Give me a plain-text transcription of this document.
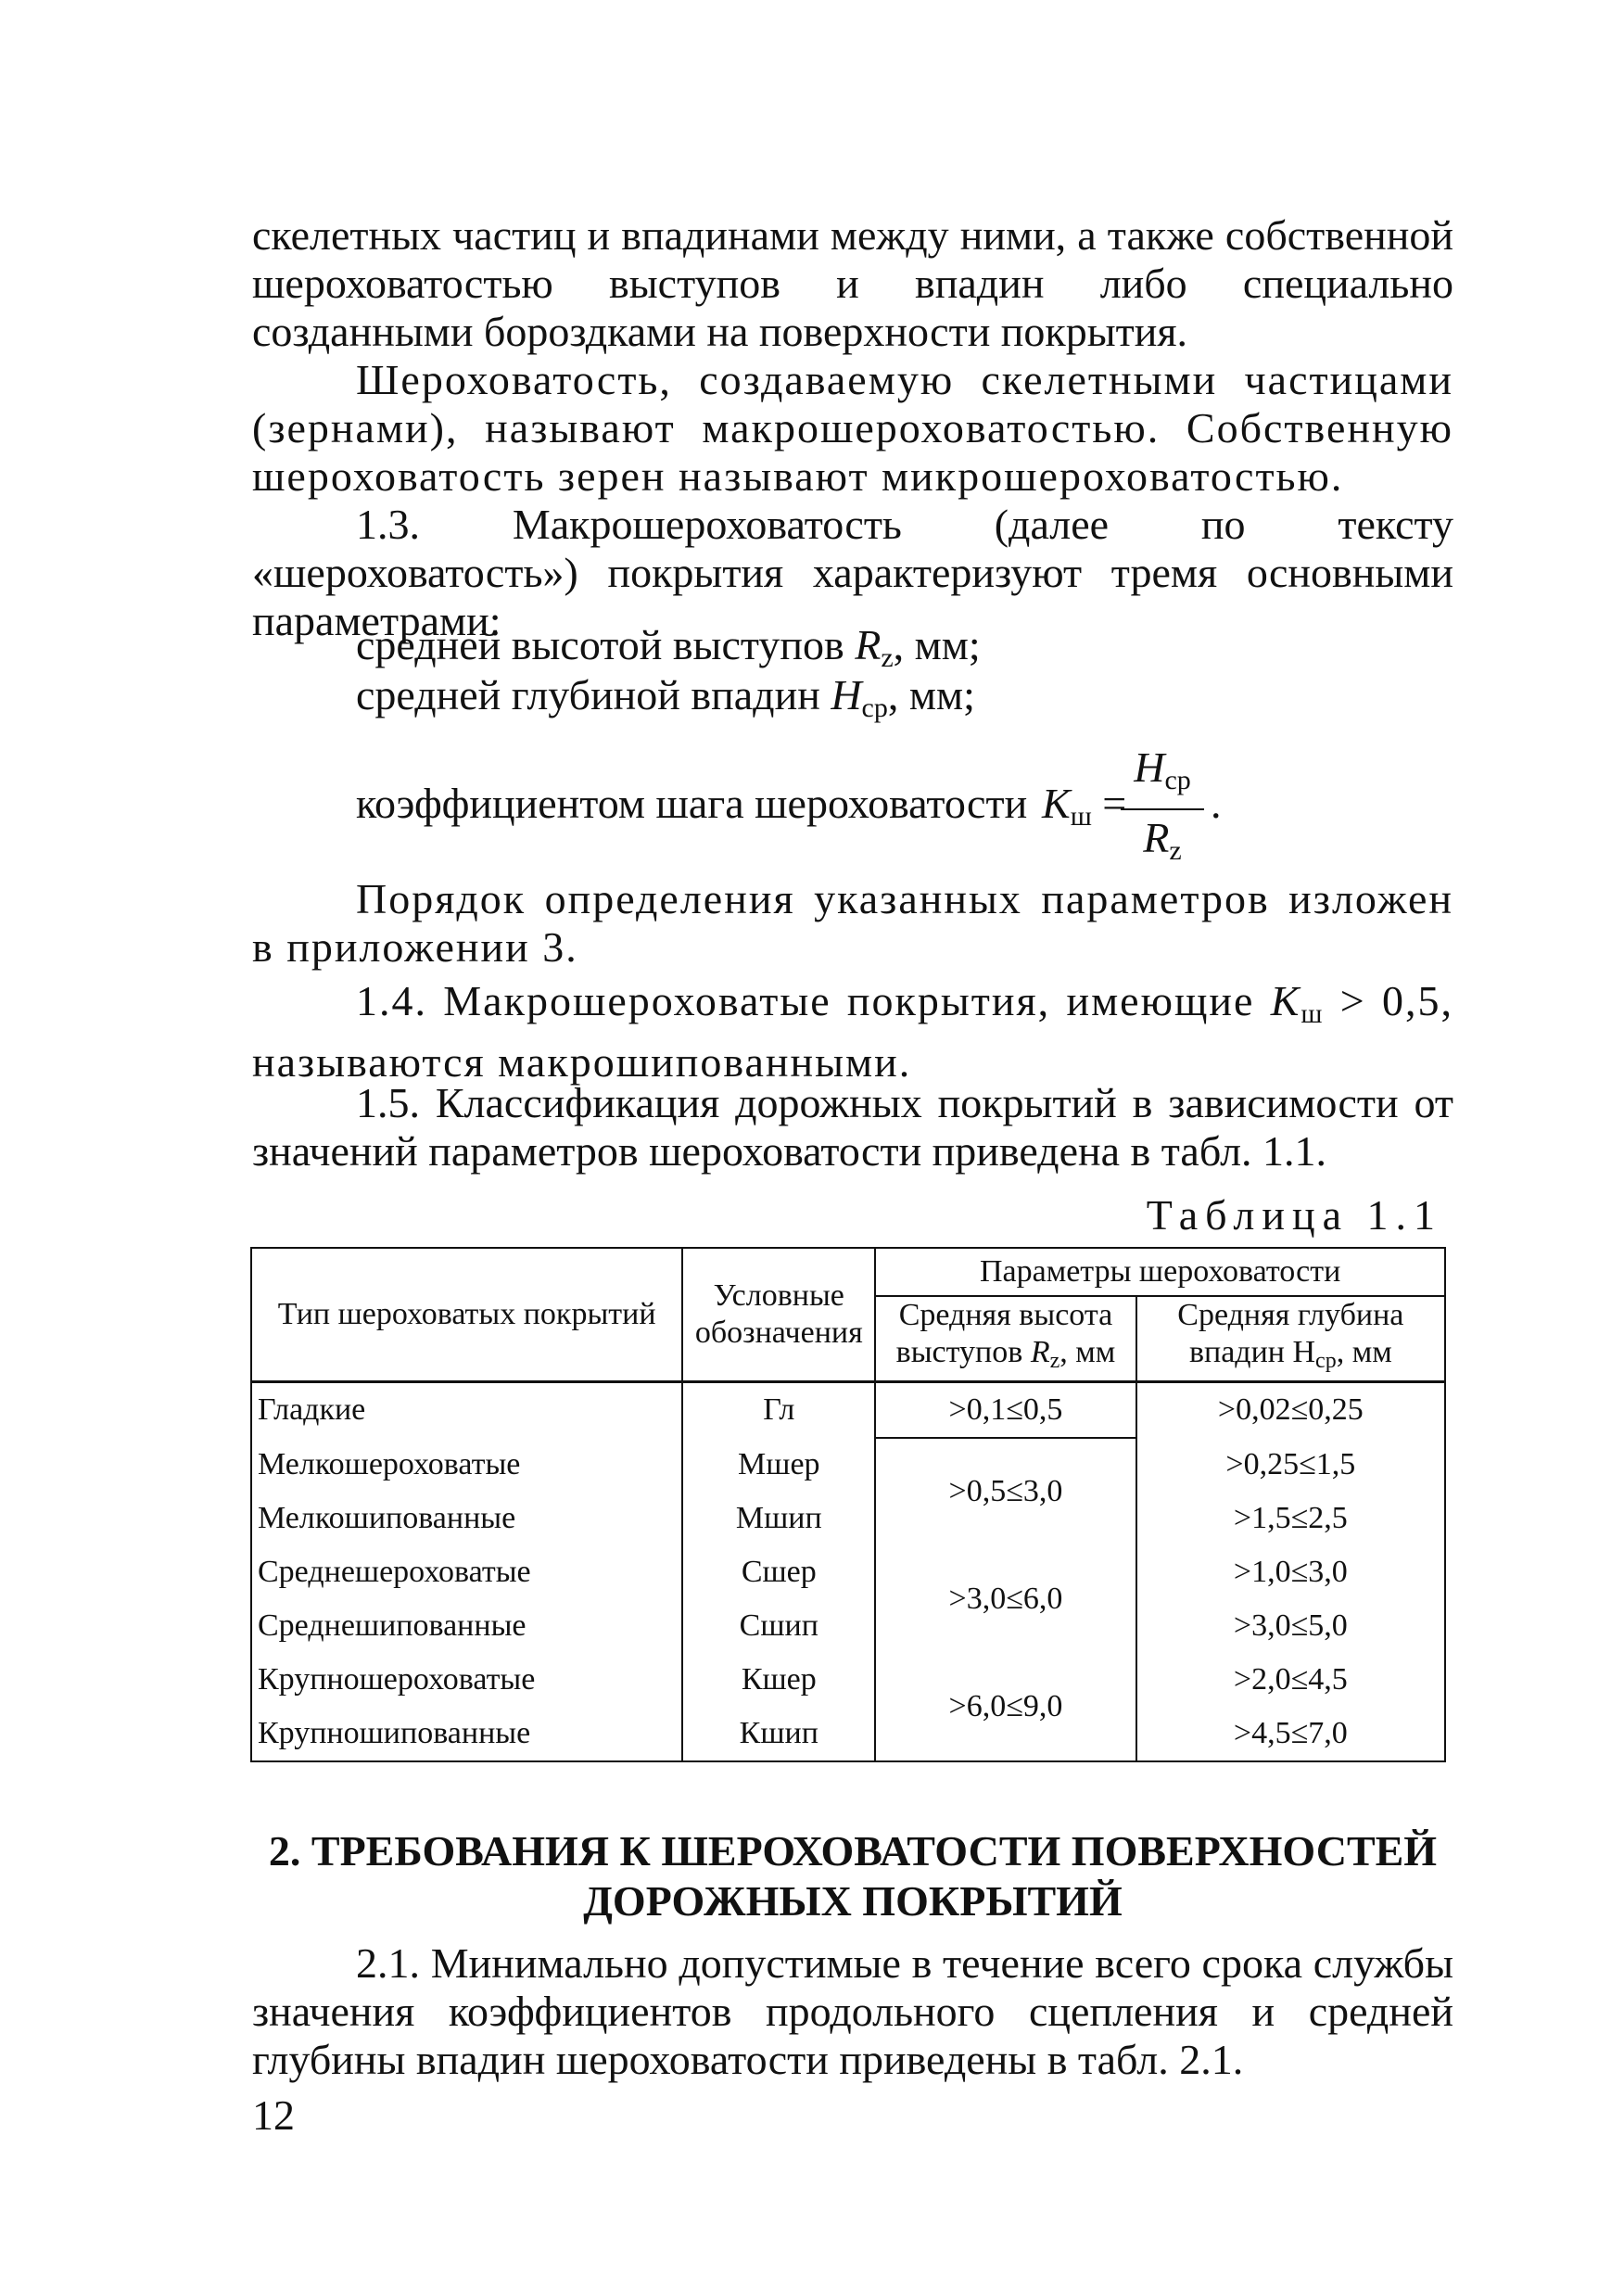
скелетных частиц и впадинами между ними, а также собственной шероховатостью выступов и впадин либо специально созданными бороздками на поверхности покрытия.

Шероховатость, создаваемую скелетными частицами (зернами), называют макрошероховатостью. Собственную шероховатость зерен называют микрошероховатостью.

1.3. Макрошероховатость (далее по тексту «шероховатость») покрытия характеризуют тремя основными параметрами:

средней высотой выступов $R_z$, мм;
средней глубиной впадин $H_{ср}$, мм;
коэффициентом шага шероховатости $K_ш$ =
$H_{ср}$
$R_z$
.

Порядок определения указанных параметров изложен в приложении 3.

1.4. Макрошероховатые покрытия, имеющие $K_ш > 0,5$, называются макрошипованными.

1.5. Классификация дорожных покрытий в зависимости от значений параметров шероховатости приведена в табл. 1.1.

Таблица 1.1
Тип шероховатых покрытий	Условные обозначения	Параметры шероховатости	
		Средняя высота выступов $R_z$, мм	Средняя глубина впадин $H_{ср}$, мм
Гладкие	Гл	>0,1≤0,5	>0,02≤0,25
Мелкошероховатые	Мшер	>0,5≤3,0	>0,25≤1,5
Мелкошипованные	Мшип		>1,5≤2,5
Среднешероховатые	Сшер	>3,0≤6,0	>1,0≤3,0
Среднешипованные	Сшип		>3,0≤5,0
Крупношероховатые	Кшер	>6,0≤9,0	>2,0≤4,5
Крупношипованные	Кшип		>4,5≤7,0
2. ТРЕБОВАНИЯ К ШЕРОХОВАТОСТИ ПОВЕРХНОСТЕЙ ДОРОЖНЫХ ПОКРЫТИЙ

2.1. Минимально допустимые в течение всего срока службы значения коэффициентов продольного сцепления и средней глубины впадин шероховатости приведены в табл. 2.1.

12
